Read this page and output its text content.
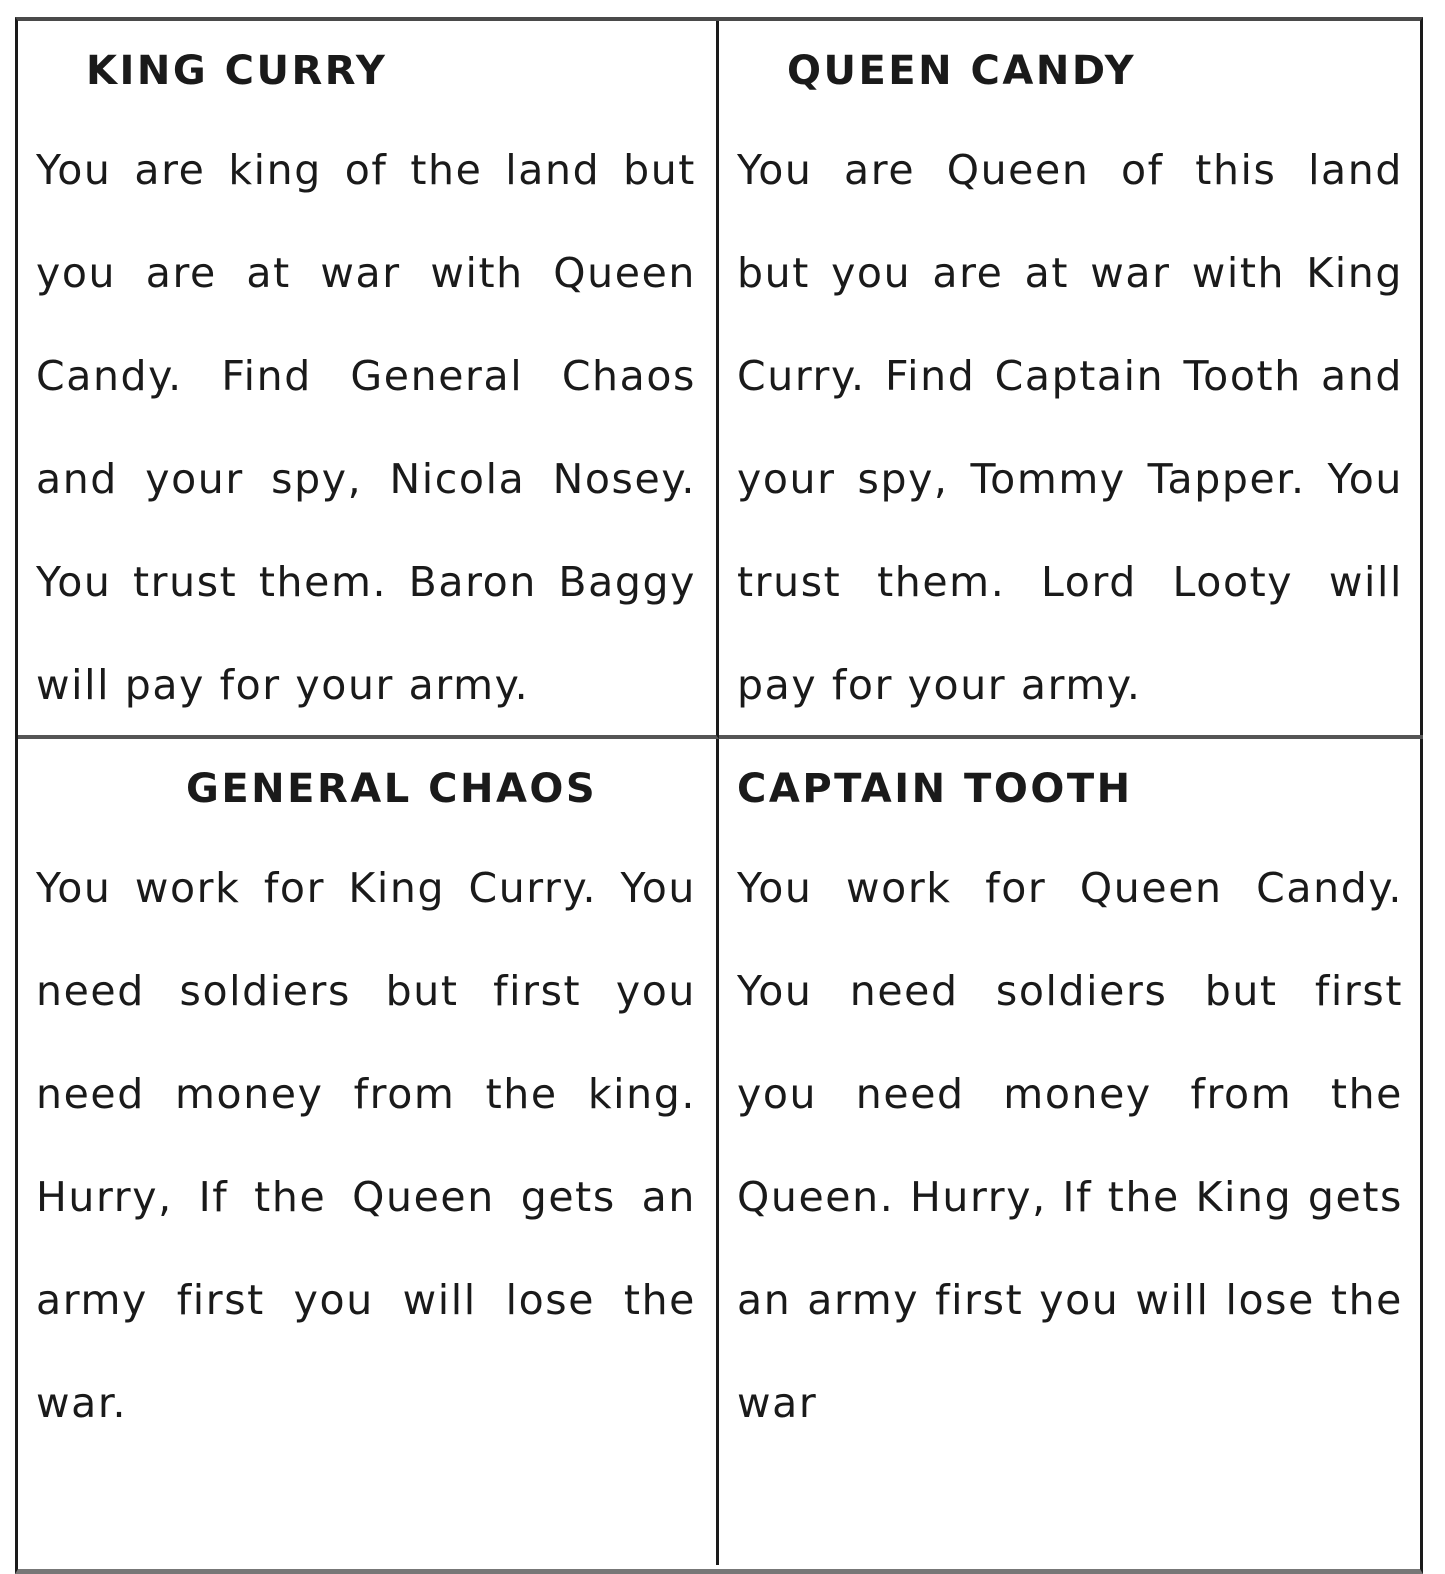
KING CURRY

You are king of the land but you are at war with Queen Candy. Find General Chaos and your spy, Nicola Nosey. You trust them. Baron Baggy will pay for your army.

QUEEN CANDY

You are Queen of this land but you are at war with King Curry. Find Captain Tooth and your spy, Tommy Tapper. You trust them. Lord Looty will pay for your army.

GENERAL CHAOS

You work for King Curry. You need soldiers but first you need money from the king. Hurry, If the Queen gets an army first you will lose the war.

CAPTAIN TOOTH

You work for Queen Candy. You need soldiers but first you need money from the Queen. Hurry, If the King gets an army first you will lose the war
